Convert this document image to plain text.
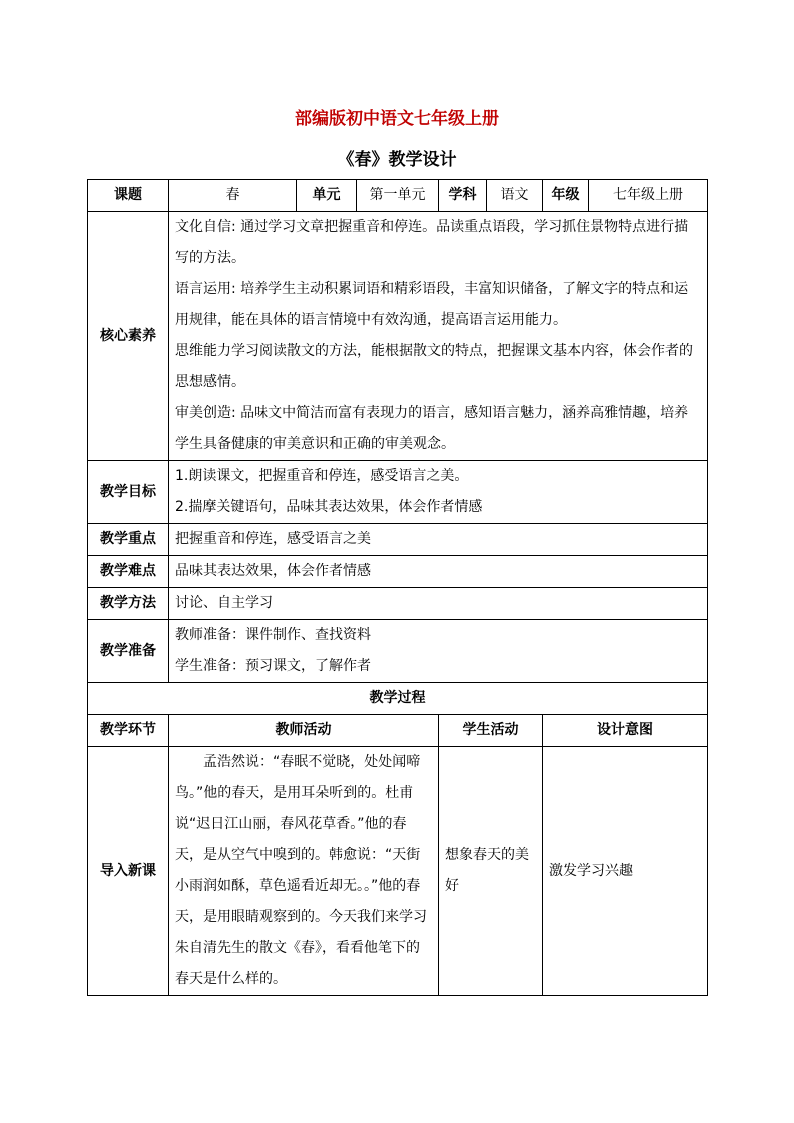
部编版初中语文七年级上册
《春》教学设计
课题	春	单元	第一单元	学科	语文	年级	七年级上册
核心素养	文化自信: 通过学习文章把握重音和停连。品读重点语段，学习抓住景物特点进行描写的方法。

语言运用: 培养学生主动积累词语和精彩语段，丰富知识储备，了解文字的特点和运用规律，能在具体的语言情境中有效沟通，提高语言运用能力。

思维能力学习阅读散文的方法，能根据散文的特点，把握课文基本内容，体会作者的思想感情。

审美创造: 品味文中简洁而富有表现力的语言，感知语言魅力，涵养高雅情趣，培养学生具备健康的审美意识和正确的审美观念。						

教学目标	1.朗读课文，把握重音和停连，感受语言之美。

2.揣摩关键语句，品味其表达效果，体会作者情感						

教学重点	把握重音和停连，感受语言之美						
教学难点	品味其表达效果，体会作者情感						
教学方法	讨论、自主学习						
教学准备	教师准备：课件制作、查找资料

学生准备：预习课文，了解作者						

教学过程							
教学环节	教师活动			学生活动		设计意图	
导入新课	孟浩然说：“春眠不觉晓，处处闻啼鸟。”他的春天，是用耳朵听到的。杜甫说“迟日江山丽，春风花草香。”他的春天，是从空气中嗅到的。韩愈说：“天街小雨润如酥，草色遥看近却无。。”他的春天，是用眼睛观察到的。今天我们来学习朱自清先生的散文《春》，看看他笔下的春天是什么样的。			想象春天的美好		激发学习兴趣	
